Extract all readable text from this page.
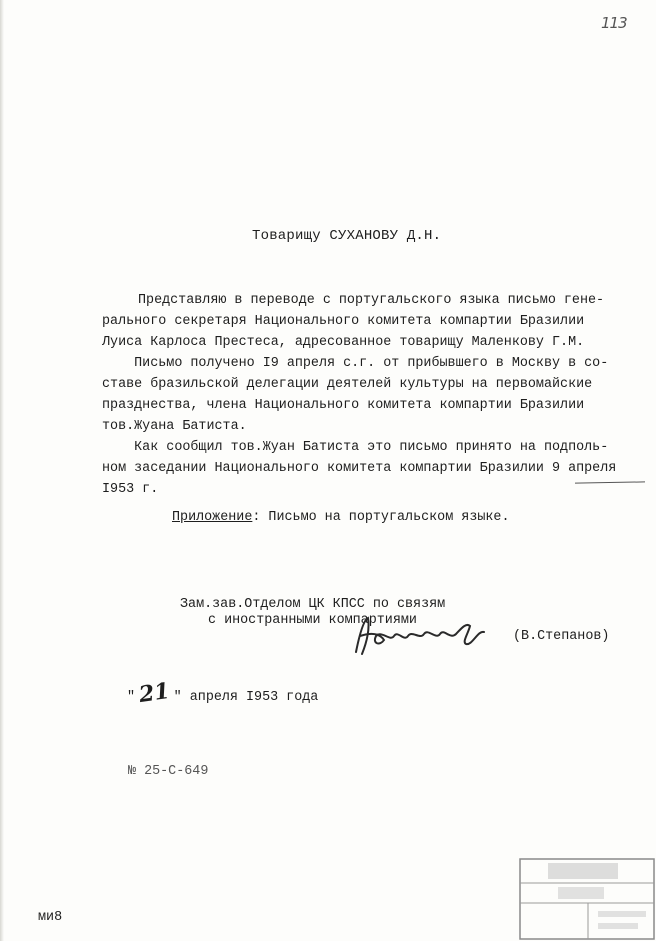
113
Товарищу СУХАНОВУ Д.Н.
Представляю в переводе с португальского языка письмо гене-
рального секретаря Национального комитета компартии Бразилии
Луиса Карлоса Престеса, адресованное товарищу Маленкову Г.М.
Письмо получено I9 апреля с.г. от прибывшего в Москву в со-
ставе бразильской делегации деятелей культуры на первомайские
празднества, члена Национального комитета компартии Бразилии
тов.Жуана Батиста.
Как сообщил тов.Жуан Батиста это письмо принято на подполь-
ном заседании Национального комитета компартии Бразилии 9 апреля
I953 г.
Приложение: Письмо на португальском языке.
Зам.зав.Отделом ЦК КПСС по связям
с иностранными компартиями
(В.Степанов)
" 21 " апреля I953 года
№ 25-С-649
ми8
